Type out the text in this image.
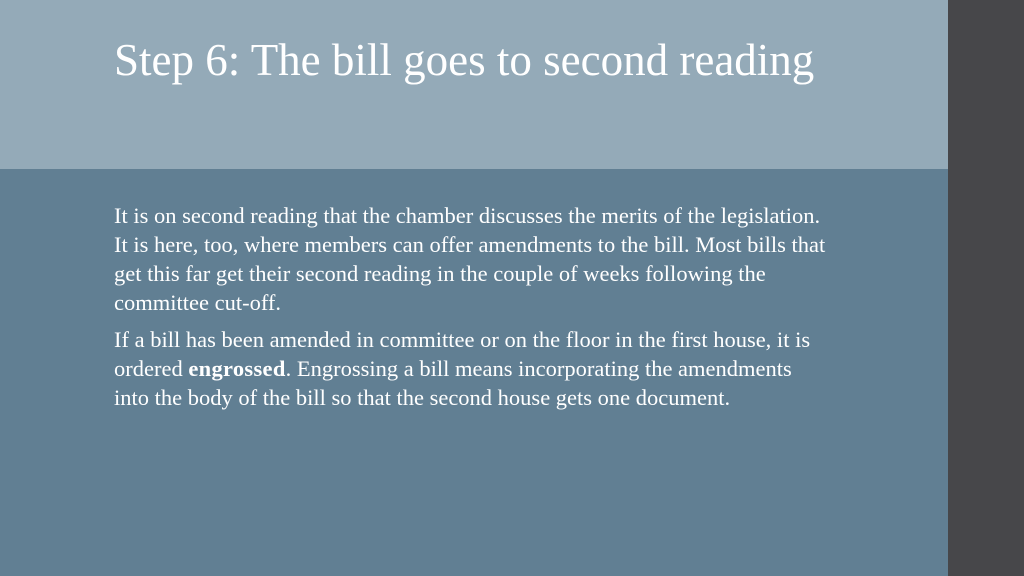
Step 6: The bill goes to second reading

It is on second reading that the chamber discusses the merits of the legislation. It is here, too, where members can offer amendments to the bill. Most bills that get this far get their second reading in the couple of weeks following the committee cut-off.

If a bill has been amended in committee or on the floor in the first house, it is ordered engrossed. Engrossing a bill means incorporating the amendments into the body of the bill so that the second house gets one document.
